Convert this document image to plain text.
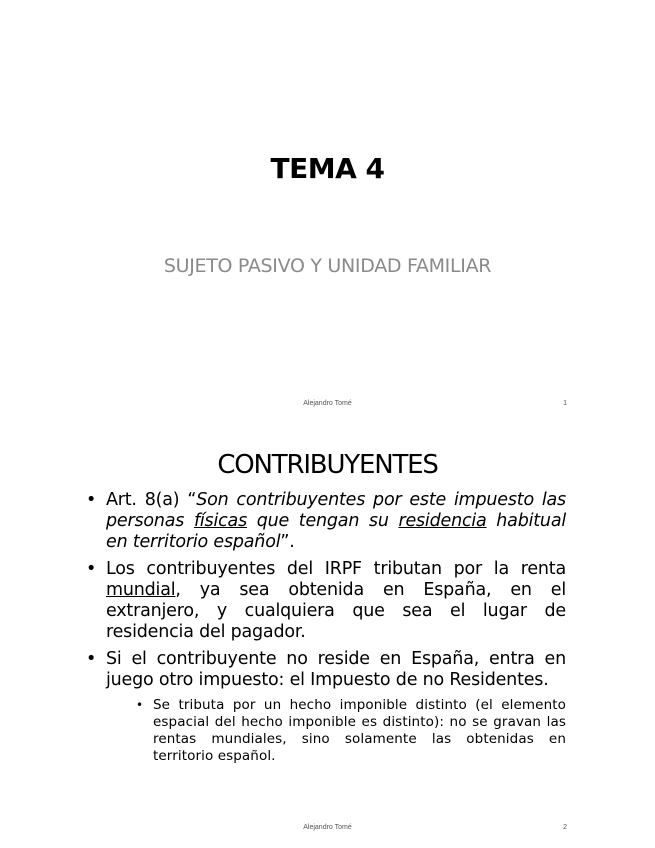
TEMA 4
SUJETO PASIVO Y UNIDAD FAMILIAR
Alejandro Tomé	1
CONTRIBUYENTES
• Art. 8(a) “Son contribuyentes por este impuesto las personas físicas que tengan su residencia habitual en territorio español”.
• Los contribuyentes del IRPF tributan por la renta mundial, ya sea obtenida en España, en el extranjero, y cualquiera que sea el lugar de residencia del pagador.
• Si el contribuyente no reside en España, entra en juego otro impuesto: el Impuesto de no Residentes.
• Se tributa por un hecho imponible distinto (el elemento espacial del hecho imponible es distinto): no se gravan las rentas mundiales, sino solamente las obtenidas en territorio español.
Alejandro Tomé	2
